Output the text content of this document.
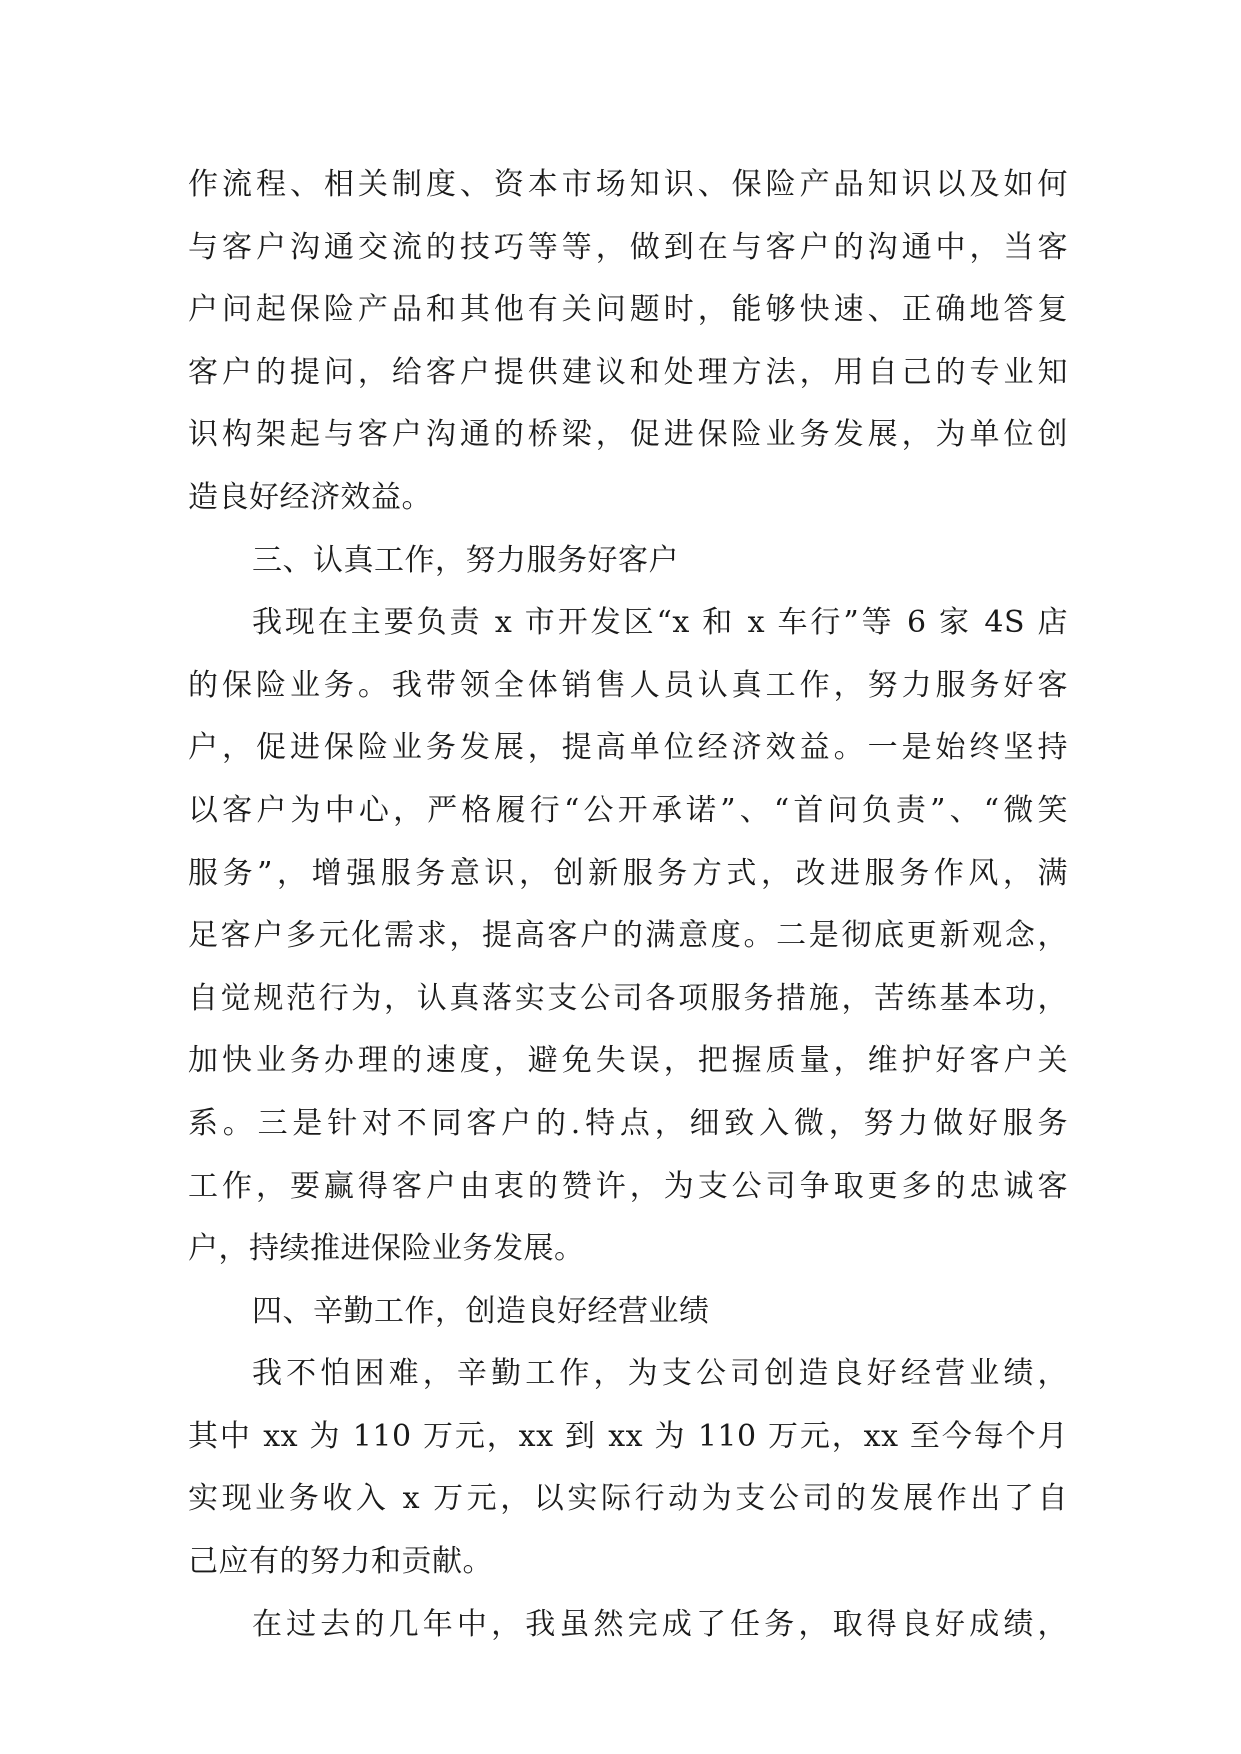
作流程、相关制度、资本市场知识、保险产品知识以及如何
与客户沟通交流的技巧等等，做到在与客户的沟通中，当客
户问起保险产品和其他有关问题时，能够快速、正确地答复
客户的提问，给客户提供建议和处理方法，用自己的专业知
识构架起与客户沟通的桥梁，促进保险业务发展，为单位创
造良好经济效益。
三、认真工作，努力服务好客户
我现在主要负责 x 市开发区“x 和 x 车行”等 6 家 4S 店
的保险业务。我带领全体销售人员认真工作，努力服务好客
户，促进保险业务发展，提高单位经济效益。一是始终坚持
以客户为中心，严格履行“公开承诺”、“首问负责”、“微笑
服务”，增强服务意识，创新服务方式，改进服务作风，满
足客户多元化需求，提高客户的满意度。二是彻底更新观念，
自觉规范行为，认真落实支公司各项服务措施，苦练基本功，
加快业务办理的速度，避免失误，把握质量，维护好客户关
系。三是针对不同客户的.特点，细致入微，努力做好服务
工作，要赢得客户由衷的赞许，为支公司争取更多的忠诚客
户，持续推进保险业务发展。
四、辛勤工作，创造良好经营业绩
我不怕困难，辛勤工作，为支公司创造良好经营业绩，
其中 xx 为 110 万元，xx 到 xx 为 110 万元，xx 至今每个月
实现业务收入 x 万元，以实际行动为支公司的发展作出了自
己应有的努力和贡献。
在过去的几年中，我虽然完成了任务，取得良好成绩，
